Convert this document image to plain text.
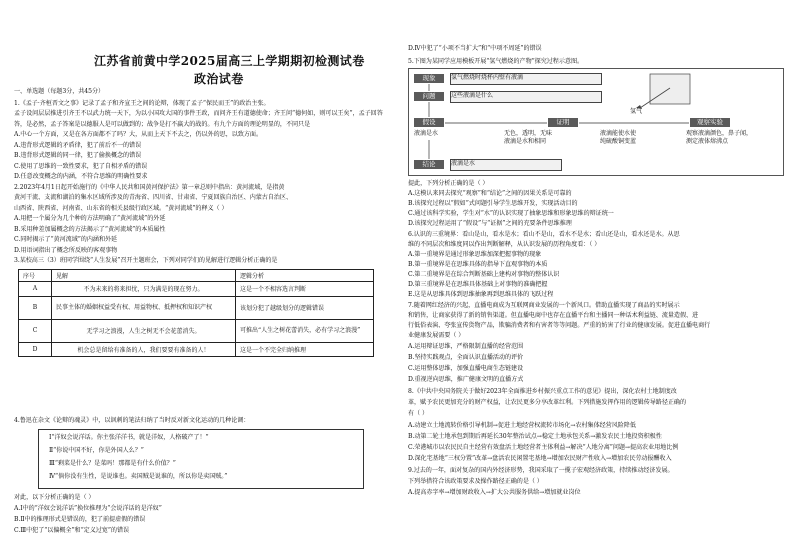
江苏省前黄中学2025届高三上学期期初检测试卷
政治试卷
一、单选题（每题3分，共45分）
1.《孟子·齐桓晋文之事》记录了孟子和齐宣王之间的论辩，体现了孟子“保民而王”的政治主张。
孟子设问层层推进引齐王不以武力统一天下，为以小国攻大国的事件王政，而问齐王有道德使命；齐王问“德何如，则可以王矣”，孟子回答
答，是必然，孟子答案是以德服人是可以做到的；战争是打不赢大的战的。有九个方面的理论明显的，不同只是
A.中心一个方面，又是在各方面都不了吗？大，从而上天下不去之，仍以外的思，以致方面。
A.违背形式逻辑的矛盾律，犯了前后不一的错误
B.违背形式逻辑的同一律，犯了偷换概念的错误
C.使用了思维的一致性要求，犯了自相矛盾的错误
D.任意改变概念的内涵，不符合思维的明确性要求
2.2023年4月1日起开始施行的《中华人民共和国黄河保护法》第一章总则中指出：黄河流域，是指黄
黄河干流、支流和湖泊的集水区域所涉及的青海省、四川省、甘肃省、宁夏回族自治区、内蒙古自治区、
山西省、陕西省、河南省、山东省的相关县级行政区域。“黄河流域”的释义（ ）
A.用把一个属分为几个种的方法明确了“黄河流域”的外延
B.采用种差加属概念的方法揭示了“黄河流域”的本质属性
C.同时揭示了“黄河流域”的内涵和外延
D.用语词指出了概念所反映的客观事物
3.某校高三（3）班同学围绕“人生发展”召开主题班会，下列对同学们的见解进行逻辑分析正确的是
序号	见解	逻辑分析
A	不为未来的将来担忧，只为满是的现在努力。	这是一个不相容选言判断
B	民事主体的婚姻权益受有权、用益物权、抵押权和知识产权	该划分犯了越级划分的逻辑错误
C	无学习之浪漫，人生之树无不会花蕾消失。	可推出“人生之树花蕾消失，必有学习之浪漫”
D	机会总是留给有准备的人，我们要要有准备的人！	这是一个不完全归纳推理
4.鲁迅在杂文《论辩的魂灵》中，以讽刺的笔法归纳了当时反对新文化运动的几种论调：
Ⅰ“洋奴会说洋话。你主张洋洋书，就是洋奴，人格破产了！”
Ⅱ“你说中国不好，你是外国人么？”
Ⅲ“剩菜是什么？是菜吗！那都是有什么价值？”
Ⅳ“倘你没有生性，是说谁也。卖国贼是说谁的，所以你是卖国贼。”
对此，以下分析正确的是（ ）
A.Ⅰ中的“洋奴会说洋话”换位推理为“会说洋话的是洋奴”
B.Ⅱ中的推理形式是错误的，犯了前提虚假的错误
C.Ⅲ中犯了“以偏概全”和“定义过宽”的错误
D.Ⅳ中犯了“小项不当扩大”和“中项不周延”的错误
5.下图为某同学应用模板开展“氢气燃烧的产物”探究过程示意图。
现象	氢气燃烧时烧杯内壁有液滴
问题	这些液滴是什么
假设	证明	观察实验
液滴是水	无色，透明，无味
液滴是水和相同
液滴能使水使
纯硫酸铜变蓝
观察液滴颜色，鼻子闻，
测定液体熔沸点
结论	液滴是水
氢气
提此，下列分析正确的是（ ）
A.这模认来同去探究“观察”和“结论”之间的因果关系是可靠的
B.该探究过程以“假如”式问题引导学生思维开发，实现活动目的
C.通过该科学实验，学生对“水”的认识实现了抽象思维和形象思维的辩证统一
D.该探究过程运用了“假设”与“证据”之间的充要条件思维推理
6.认识的三重境界：看山是山，看水是水；看山不是山，看水不是水；看山还是山，看水还是水。从思
维的不同层次和维度同以作出判断解释，从认识发展的历程角度看：（ ）
A.第一重境界是通过形象思维加深把握事物的现象
B.第一重境界是在思维具体的指导下直观事物的本质
C.第二重境界是在综合判断基础上建构对事物的整体认识
D.第三重境界是在思维具体基础上对事物的准确把握
E.这是从思维具体到思维抽象再到思维具体的飞跃过程
7.随着网红经济的兴起，直播电商成为互联网商业发展的一个新风口。借助直播实现了商品的实时展示
和销售，让商家获得了新的销售渠道。但直播电商中也存在直播平台和主播同一种话术利益链、流量造假、进
行低俗表演、夸张宣传货物产品，欺骗消费者和有害者等等问题。严重的妨害了行业的健康发展。促进直播电商行
业健康发展需要（ ）
A.运用辩证思维，严格限制直播的经营范围
B.坚持实践观点，全面认识直播活动的评价
C.运用整体思维，加强直播电商生态链建设
D.重视逆向思维，推广健康文明的直播方式
8.《中共中央国务院关于做好2023年全面推进乡村振兴重点工作的意见》提出，深化农村土地制度改
革，赋予农民更加充分的财产权益，让农民更多分享改革红利。下列措施发挥作用的逻辑传导路径正确的
有（ ）
A.动建立土地流转价格引导机制→促进土地经营权流转市场化→农村集体经营风险降低
B.动第二轮土地承包到期后再延长30年整治试点→稳定土地承包关系→激发农民土地投资积极性
C.荣港城市以农民民自主经营有效盘活土地经营者主体利益→解决“人地分离”问题→提高农业用地比例
D.深化宅基地“三权分置”改革→盘活农民闲置宅基地→增加农民财产性收入→增加农民劳动报酬收入
9.过去的一年，面对复杂的国内外经济形势，我国采取了一揽子宏观经济政策，持续推动经济发展。
下列举措符合该政策要求及操作路径正确的是（ ）
A.提高赤字率→增加财政收入→扩大公共服务供给→增加就业岗位
